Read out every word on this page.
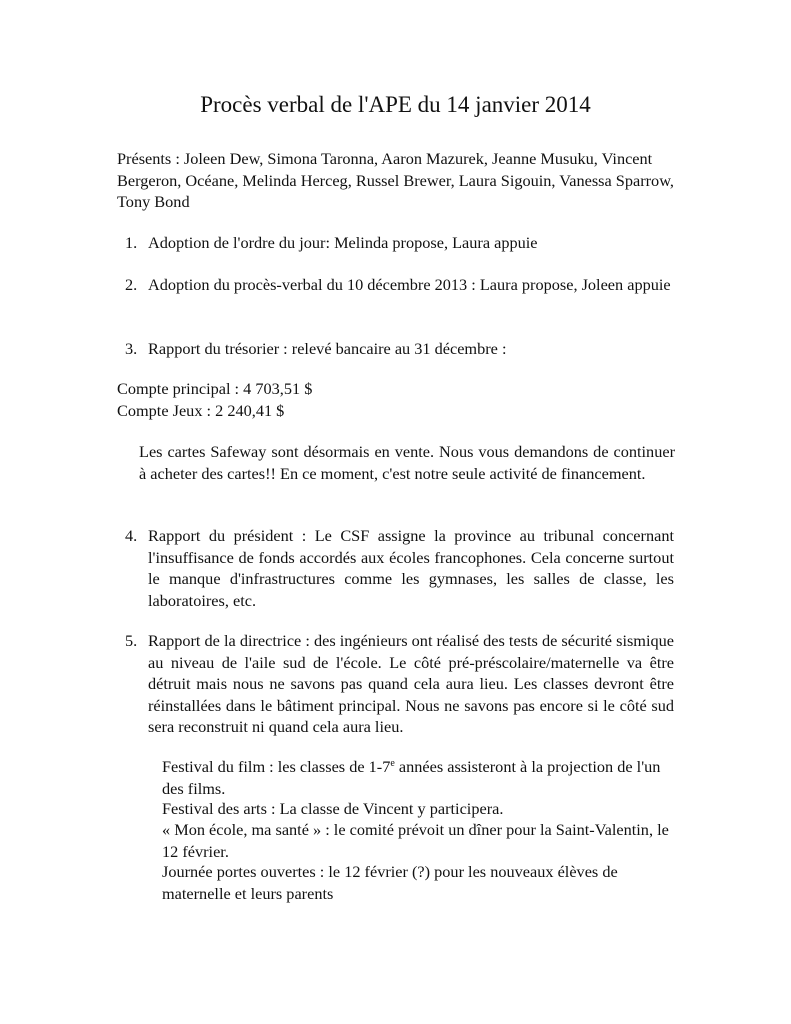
Procès verbal de l'APE du 14 janvier 2014

Présents : Joleen Dew, Simona Taronna, Aaron Mazurek, Jeanne Musuku, Vincent Bergeron, Océane, Melinda Herceg, Russel Brewer, Laura Sigouin, Vanessa Sparrow, Tony Bond

1. Adoption de l'ordre du jour: Melinda propose, Laura appuie
2. Adoption du procès-verbal du 10 décembre 2013 : Laura propose, Joleen appuie
3. Rapport du trésorier : relevé bancaire au 31 décembre :
Compte principal : 4 703,51 $
Compte Jeux : 2 240,41 $

Les cartes Safeway sont désormais en vente. Nous vous demandons de continuer à acheter des cartes!! En ce moment, c'est notre seule activité de financement.

4. Rapport du président : Le CSF assigne la province au tribunal concernant l'insuffisance de fonds accordés aux écoles francophones. Cela concerne surtout le manque d'infrastructures comme les gymnases, les salles de classe, les laboratoires, etc.
5. Rapport de la directrice : des ingénieurs ont réalisé des tests de sécurité sismique au niveau de l'aile sud de l'école. Le côté pré-préscolaire/maternelle va être détruit mais nous ne savons pas quand cela aura lieu. Les classes devront être réinstallées dans le bâtiment principal. Nous ne savons pas encore si le côté sud sera reconstruit ni quand cela aura lieu.
Festival du film : les classes de 1-7e années assisteront à la projection de l'un des films.
Festival des arts : La classe de Vincent y participera.
« Mon école, ma santé » : le comité prévoit un dîner pour la Saint-Valentin, le 12 février.
Journée portes ouvertes : le 12 février (?) pour les nouveaux élèves de maternelle et leurs parents
